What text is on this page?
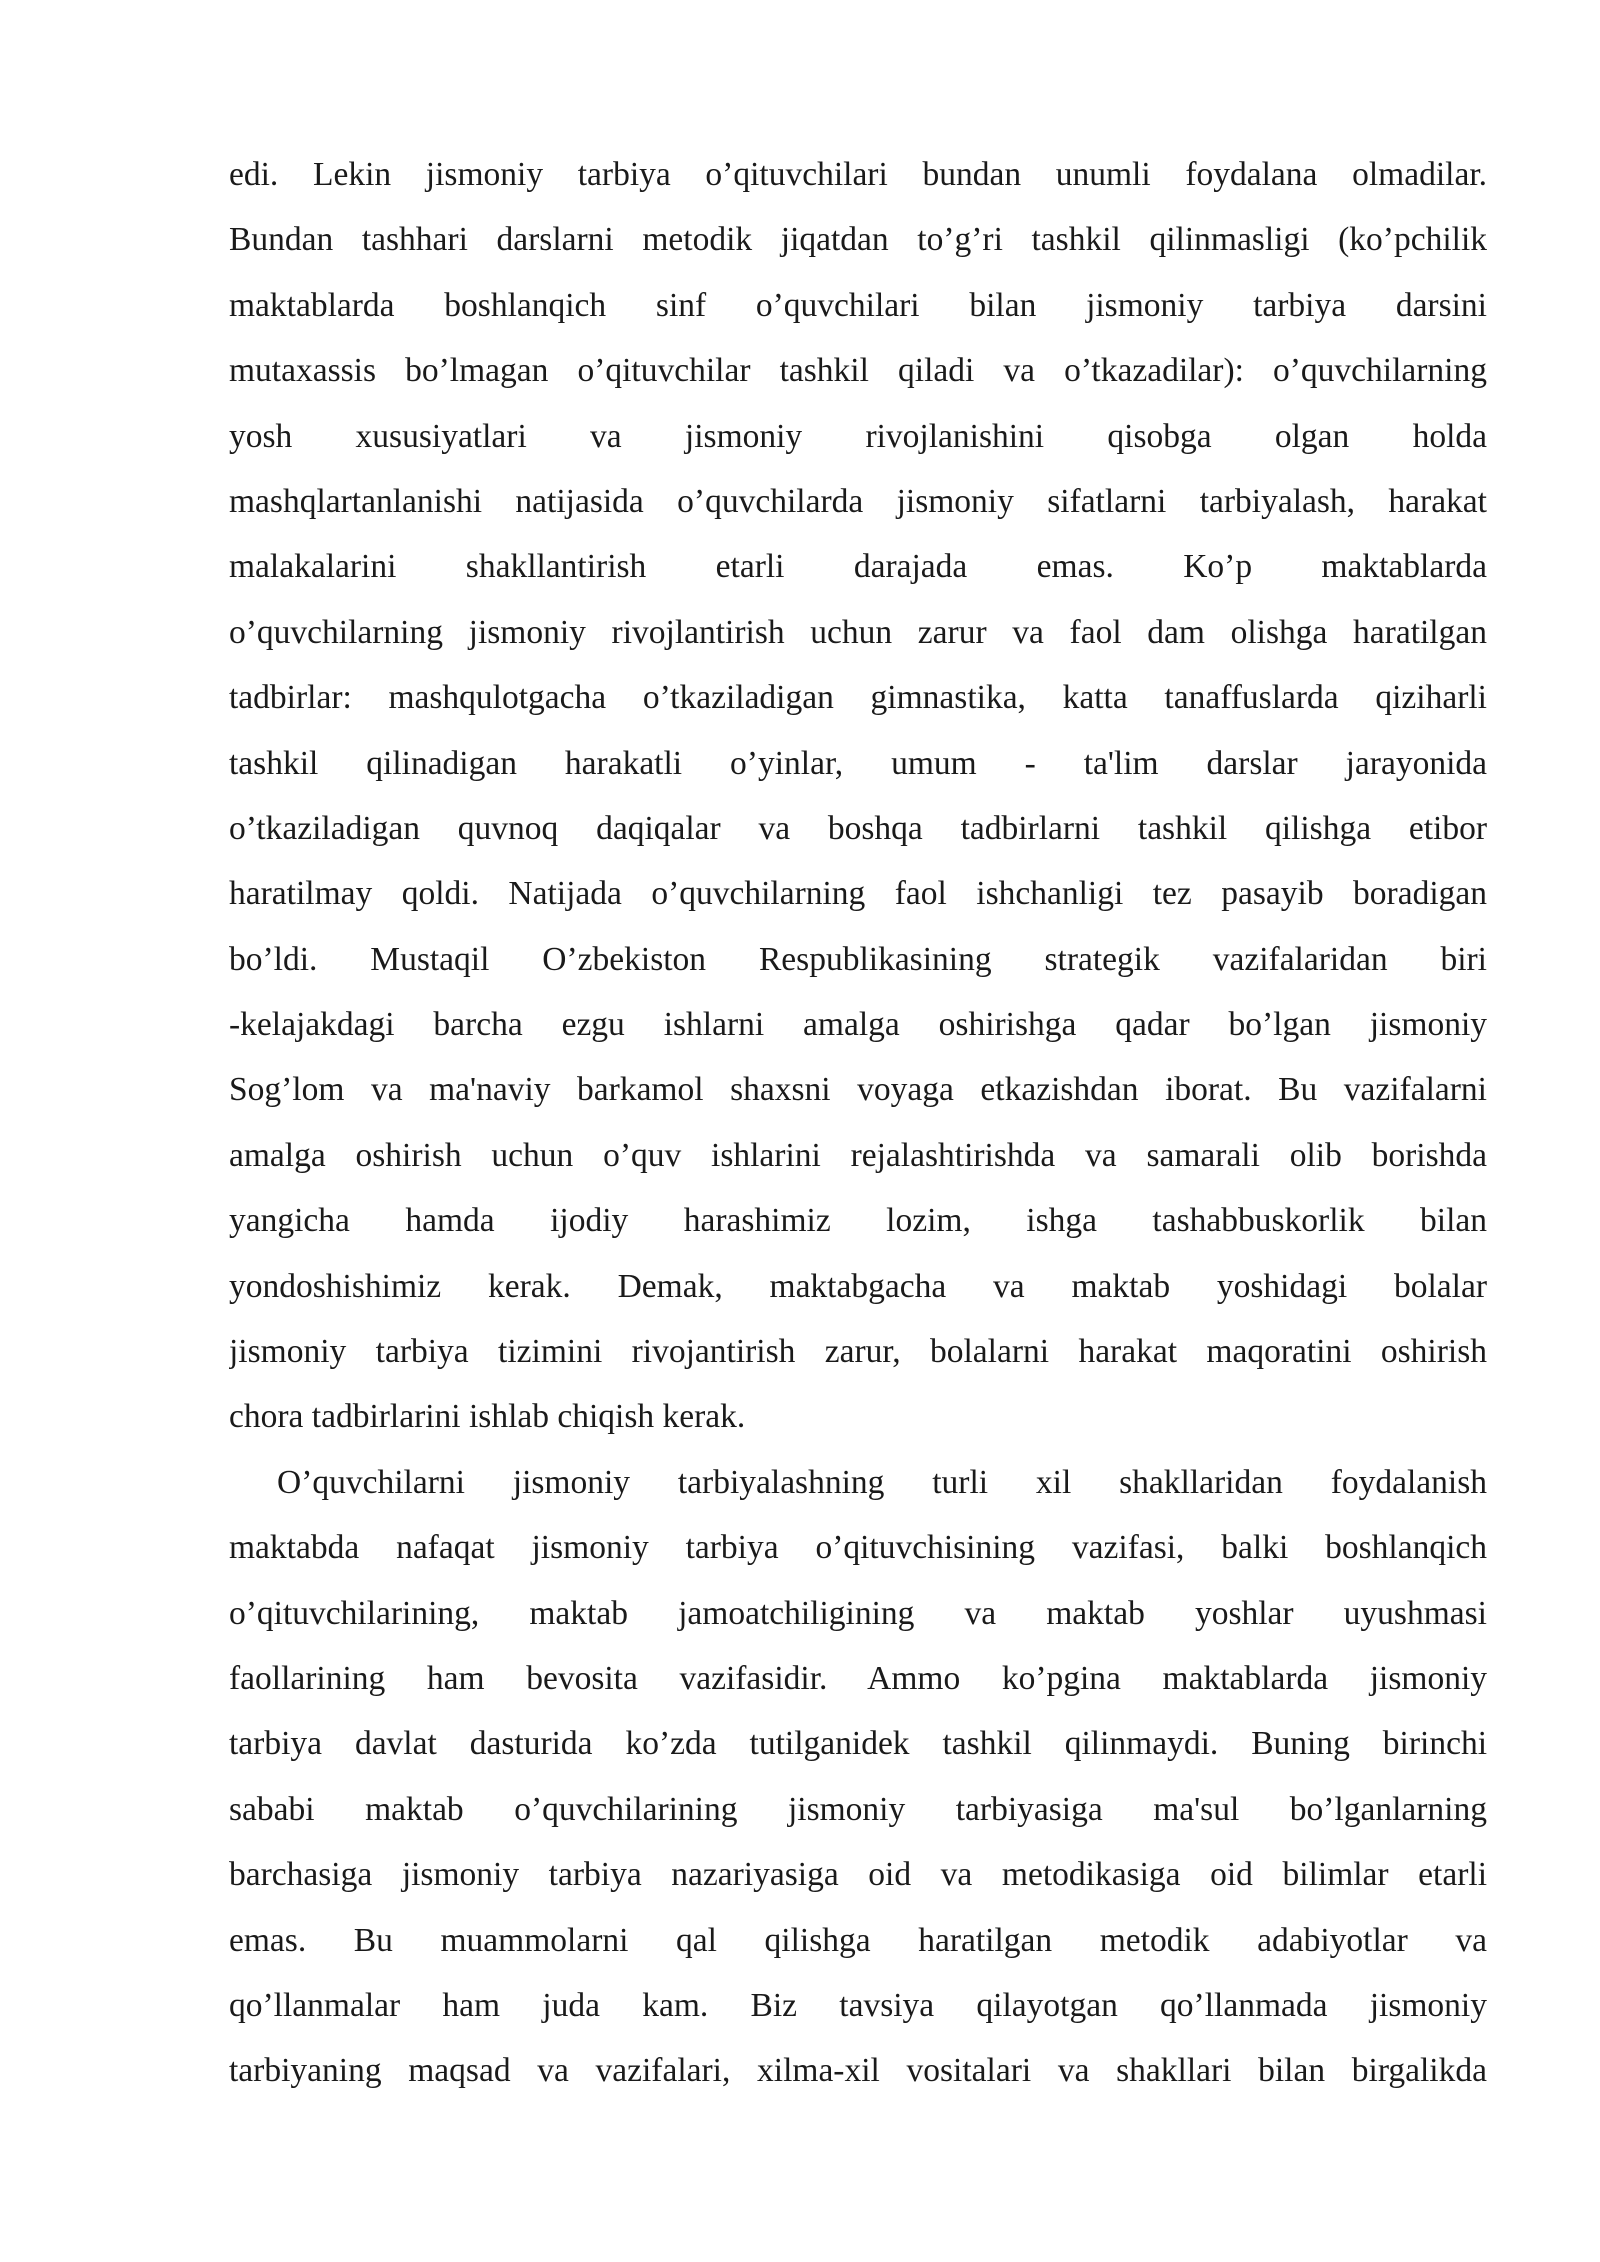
edi. Lekin jismoniy tarbiya o’qituvchilari bundan unumli foydalana olmadilar.
Bundan tashhari darslarni metodik jiqatdan to’g’ri tashkil qilinmasligi (ko’pchilik
maktablarda boshlanqich sinf o’quvchilari bilan jismoniy tarbiya darsini
mutaxassis bo’lmagan o’qituvchilar tashkil qiladi va o’tkazadilar): o’quvchilarning
yosh xususiyatlari va jismoniy rivojlanishini qisobga olgan holda
mashqlartanlanishi natijasida o’quvchilarda jismoniy sifatlarni tarbiyalash, harakat
malakalarini shakllantirish etarli darajada emas. Ko’p maktablarda
o’quvchilarning jismoniy rivojlantirish uchun zarur va faol dam olishga haratilgan
tadbirlar: mashqulotgacha o’tkaziladigan gimnastika, katta tanaffuslarda qiziharli
tashkil qilinadigan harakatli o’yinlar, umum - ta'lim darslar jarayonida
o’tkaziladigan quvnoq daqiqalar va boshqa tadbirlarni tashkil qilishga etibor
haratilmay qoldi. Natijada o’quvchilarning faol ishchanligi tez pasayib boradigan
bo’ldi. Mustaqil O’zbekiston Respublikasining strategik vazifalaridan biri
-kelajakdagi barcha ezgu ishlarni amalga oshirishga qadar bo’lgan jismoniy
Sog’lom va ma'naviy barkamol shaxsni voyaga etkazishdan iborat. Bu vazifalarni
amalga oshirish uchun o’quv ishlarini rejalashtirishda va samarali olib borishda
yangicha hamda ijodiy harashimiz lozim, ishga tashabbuskorlik bilan
yondoshishimiz kerak. Demak, maktabgacha va maktab yoshidagi bolalar
jismoniy tarbiya tizimini rivojantirish zarur, bolalarni harakat maqoratini oshirish
chora tadbirlarini ishlab chiqish kerak.
O’quvchilarni jismoniy tarbiyalashning turli xil shakllaridan foydalanish
maktabda nafaqat jismoniy tarbiya o’qituvchisining vazifasi, balki boshlanqich
o’qituvchilarining, maktab jamoatchiligining va maktab yoshlar uyushmasi
faollarining ham bevosita vazifasidir. Ammo ko’pgina maktablarda jismoniy
tarbiya davlat dasturida ko’zda tutilganidek tashkil qilinmaydi. Buning birinchi
sababi maktab o’quvchilarining jismoniy tarbiyasiga ma'sul bo’lganlarning
barchasiga jismoniy tarbiya nazariyasiga oid va metodikasiga oid bilimlar etarli
emas. Bu muammolarni qal qilishga haratilgan metodik adabiyotlar va
qo’llanmalar ham juda kam. Biz tavsiya qilayotgan qo’llanmada jismoniy
tarbiyaning maqsad va vazifalari, xilma-xil vositalari va shakllari bilan birgalikda
